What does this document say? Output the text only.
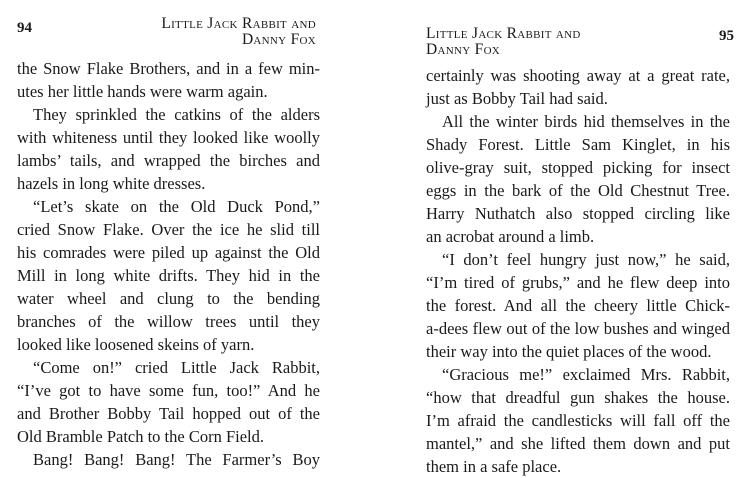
94	Little Jack Rabbit and
Danny Fox
the Snow Flake Brothers, and in a few min-
utes her little hands were warm again.
They sprinkled the catkins of the alders
with whiteness until they looked like woolly
lambs’ tails, and wrapped the birches and
hazels in long white dresses.
“Let’s skate on the Old Duck Pond,”
cried Snow Flake. Over the ice he slid till
his comrades were piled up against the Old
Mill in long white drifts. They hid in the
water wheel and clung to the bending
branches of the willow trees until they
looked like loosened skeins of yarn.
“Come on!” cried Little Jack Rabbit,
“I’ve got to have some fun, too!” And he
and Brother Bobby Tail hopped out of the
Old Bramble Patch to the Corn Field.
Bang! Bang! Bang! The Farmer’s Boy
Little Jack Rabbit and
Danny Fox
95
certainly was shooting away at a great rate,
just as Bobby Tail had said.
All the winter birds hid themselves in the
Shady Forest. Little Sam Kinglet, in his
olive-gray suit, stopped picking for insect
eggs in the bark of the Old Chestnut Tree.
Harry Nuthatch also stopped circling like
an acrobat around a limb.
“I don’t feel hungry just now,” he said,
“I’m tired of grubs,” and he flew deep into
the forest. And all the cheery little Chick-
a-dees flew out of the low bushes and winged
their way into the quiet places of the wood.
“Gracious me!” exclaimed Mrs. Rabbit,
“how that dreadful gun shakes the house.
I’m afraid the candlesticks will fall off the
mantel,” and she lifted them down and put
them in a safe place.
